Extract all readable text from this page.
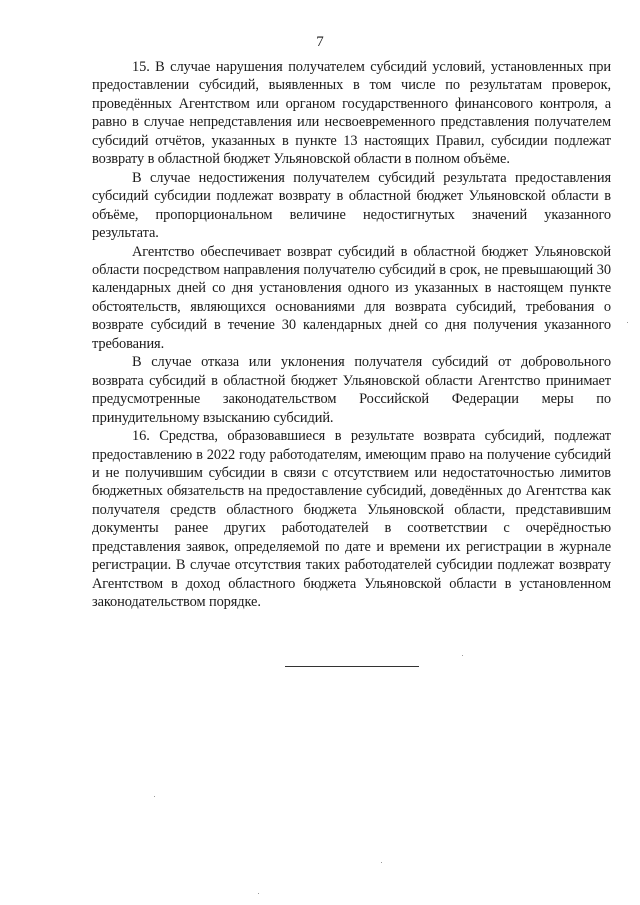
7

15. В случае нарушения получателем субсидий условий, установленных при предоставлении субсидий, выявленных в том числе по результатам проверок, проведённых Агентством или органом государственного финансового контроля, а равно в случае непредставления или несвоевременного представления получателем субсидий отчётов, указанных в пункте 13 настоящих Правил, субсидии подлежат возврату в областной бюджет Ульяновской области в полном объёме.

В случае недостижения получателем субсидий результата предоставления субсидий субсидии подлежат возврату в областной бюджет Ульяновской области в объёме, пропорциональном величине недостигнутых значений указанного результата.

Агентство обеспечивает возврат субсидий в областной бюджет Ульяновской области посредством направления получателю субсидий в срок, не превышающий 30 календарных дней со дня установления одного из указанных в настоящем пункте обстоятельств, являющихся основаниями для возврата субсидий, требования о возврате субсидий в течение 30 календарных дней со дня получения указанного требования.

В случае отказа или уклонения получателя субсидий от добровольного возврата субсидий в областной бюджет Ульяновской области Агентство принимает предусмотренные законодательством Российской Федерации меры по принудительному взысканию субсидий.

16. Средства, образовавшиеся в результате возврата субсидий, подлежат предоставлению в 2022 году работодателям, имеющим право на получение субсидий и не получившим субсидии в связи с отсутствием или недостаточностью лимитов бюджетных обязательств на предоставление субсидий, доведённых до Агентства как получателя средств областного бюджета Ульяновской области, представившим документы ранее других работодателей в соответствии с очерёдностью представления заявок, определяемой по дате и времени их регистрации в журнале регистрации. В случае отсутствия таких работодателей субсидии подлежат возврату Агентством в доход областного бюджета Ульяновской области в установленном законодательством порядке.
